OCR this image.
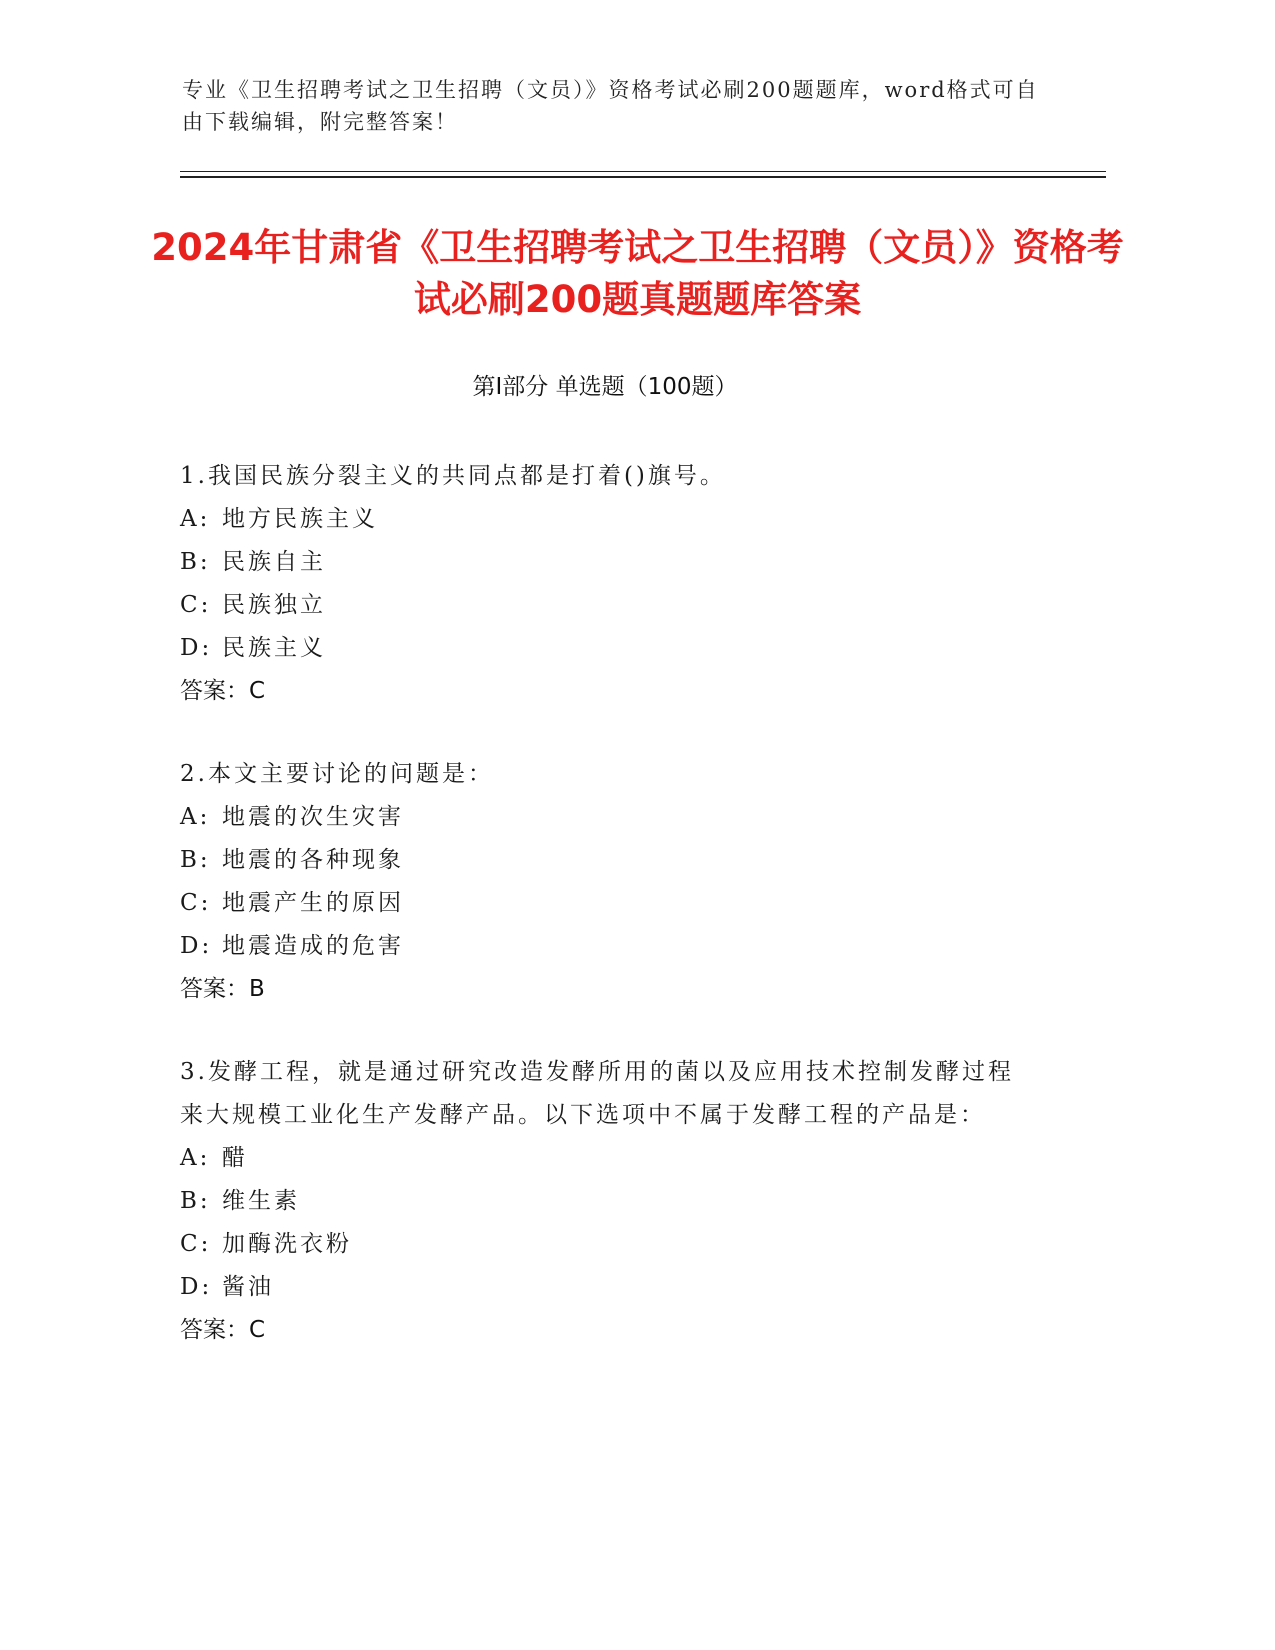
专业《卫生招聘考试之卫生招聘（文员）》资格考试必刷200题题库，word格式可自由下载编辑，附完整答案！
2024年甘肃省《卫生招聘考试之卫生招聘（文员）》资格考试必刷200题真题题库答案
第Ⅰ部分 单选题（100题）
1.我国民族分裂主义的共同点都是打着()旗号。
A: 地方民族主义
B: 民族自主
C: 民族独立
D: 民族主义
答案：C
2.本文主要讨论的问题是：
A: 地震的次生灾害
B: 地震的各种现象
C: 地震产生的原因
D: 地震造成的危害
答案：B
3.发酵工程，就是通过研究改造发酵所用的菌以及应用技术控制发酵过程来大规模工业化生产发酵产品。以下选项中不属于发酵工程的产品是：
A: 醋
B: 维生素
C: 加酶洗衣粉
D: 酱油
答案：C
